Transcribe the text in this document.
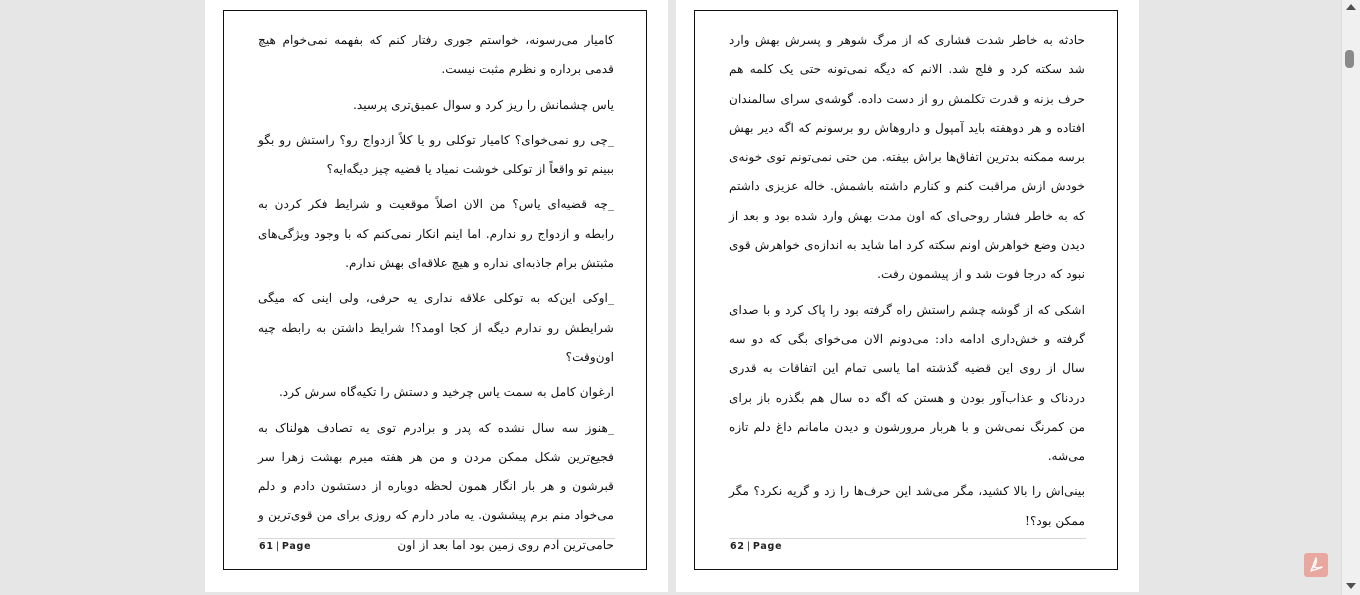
کامیار می‌رسونه، خواستم جوری رفتار کنم که بفهمه نمی‌خوام هیچ قدمی برداره و نظرم مثبت نیست.

یاس چشمانش را ریز کرد و سوال عمیق‌تری پرسید.

_چی رو نمی‌خوای؟ کامیار توکلی رو یا کلاً ازدواج رو؟ راستش رو بگو ببینم تو واقعاً از توکلی خوشت نمیاد یا قضیه چیز دیگه‌ایه؟

_چه قضیه‌ای یاس؟ من الان اصلاً موقعیت و شرایط فکر کردن به رابطه و ازدواج رو ندارم. اما اینم انکار نمی‌کنم که با وجود ویژگی‌های مثبتش برام جاذبه‌ای نداره و هیچ علاقه‌ای بهش ندارم.

_اوکی این‌که به توکلی علاقه نداری یه حرفی، ولی اینی که میگی شرایطش رو ندارم دیگه از کجا اومد؟! شرایط داشتن به رابطه چیه اون‌وقت؟

ارغوان کامل به سمت یاس چرخید و دستش را تکیه‌گاه سرش کرد.

_هنوز سه سال نشده که پدر و برادرم توی یه تصادف هولناک به فجیع‌ترین شکل ممکن مردن و من هر هفته میرم بهشت زهرا سر قبرشون و هر بار انگار همون لحظه دوباره از دستشون دادم و دلم می‌خواد منم برم پیششون. یه مادر دارم که روزی برای من قوی‌ترین و حامی‌ترین آدم روی زمین بود اما بعد از اون

61 | Page

حادثه به خاطر شدت فشاری که از مرگ شوهر و پسرش بهش وارد شد سکته کرد و فلج شد. الانم که دیگه نمی‌تونه حتی یک کلمه هم حرف بزنه و قدرت تکلمش رو از دست داده. گوشه‌ی سرای سالمندان افتاده و هر دوهفته باید آمپول و داروهاش رو برسونم که اگه دیر بهش برسه ممکنه بدترین اتفاق‌ها براش بیفته. من حتی نمی‌تونم توی خونه‌ی خودش ازش مراقبت کنم و کنارم داشته باشمش. خاله عزیزی داشتم که به خاطر فشار روحی‌ای که اون مدت بهش وارد شده بود و بعد از دیدن وضع خواهرش اونم سکته کرد اما شاید به اندازه‌ی خواهرش قوی نبود که درجا فوت شد و از پیشمون رفت.

اشکی که از گوشه چشم راستش راه گرفته بود را پاک کرد و با صدای گرفته و خش‌داری ادامه داد: می‌دونم الان می‌خوای بگی که دو سه سال از روی این قضیه گذشته اما یاسی تمام این اتفاقات به قدری دردناک و عذاب‌آور بودن و هستن که اگه ده سال هم بگذره باز برای من کمرنگ نمی‌شن و با هربار مرورشون و دیدن مامانم داغ دلم تازه می‌شه.

بینی‌اش را بالا کشید، مگر می‌شد این حرف‌ها را زد و گریه نکرد؟ مگر ممکن بود؟!

62 | Page
